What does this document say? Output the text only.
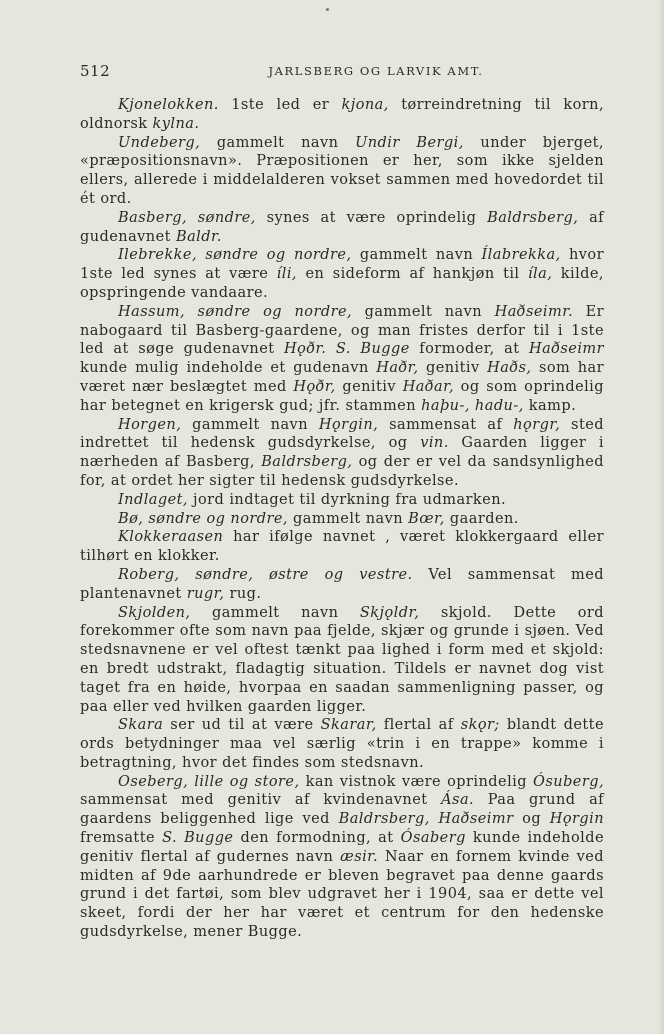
512	JARLSBERG OG LARVIK AMT.

Kjonelokken. 1ste led er kjona, tørreindretning til korn, oldnorsk kylna.

Undeberg, gammelt navn Undir Bergi, under bjerget, «præpositionsnavn». Præpositionen er her, som ikke sjelden ellers, allerede i middelalderen vokset sammen med hovedordet til ét ord.

Basberg, søndre, synes at være oprindelig Baldrsberg, af gudenavnet Baldr.

Ilebrekke, søndre og nordre, gammelt navn Ílabrekka, hvor 1ste led synes at være íli, en sideform af hankjøn til íla, kilde, opspringende vandaare.

Hassum, søndre og nordre, gammelt navn Haðseimr. Er nabogaard til Basberg-gaardene, og man fristes derfor til i 1ste led at søge gudenavnet Hǫðr. S. Bugge formoder, at Haðseimr kunde mulig indeholde et gudenavn Haðr, genitiv Haðs, som har været nær beslægtet med Hǫðr, genitiv Haðar, og som oprindelig har betegnet en krigersk gud; jfr. stammen haþu-, hadu-, kamp.

Horgen, gammelt navn Hǫrgin, sammensat af hǫrgr, sted indrettet til hedensk gudsdyrkelse, og vin. Gaarden ligger i nærheden af Basberg, Baldrsberg, og der er vel da sandsynlighed for, at ordet her sigter til hedensk gudsdyrkelse.

Indlaget, jord indtaget til dyrkning fra udmarken.

Bø, søndre og nordre, gammelt navn Bœr, gaarden.

Klokkeraasen har ifølge navnet , været klokkergaard eller tilhørt en klokker.

Roberg, søndre, østre og vestre. Vel sammensat med plantenavnet rugr, rug.

Skjolden, gammelt navn Skjǫldr, skjold. Dette ord forekommer ofte som navn paa fjelde, skjær og grunde i sjøen. Ved stedsnavnene er vel oftest tænkt paa lighed i form med et skjold: en bredt udstrakt, fladagtig situation. Tildels er navnet dog vist taget fra en høide, hvorpaa en saadan sammenligning passer, og paa eller ved hvilken gaarden ligger.

Skara ser ud til at være Skarar, flertal af skǫr; blandt dette ords betydninger maa vel særlig «trin i en trappe» komme i betragtning, hvor det findes som stedsnavn.

Oseberg, lille og store, kan vistnok være oprindelig Ósuberg, sammensat med genitiv af kvindenavnet Ása. Paa grund af gaardens beliggenhed lige ved Baldrsberg, Haðseimr og Hǫrgin fremsatte S. Bugge den formodning, at Ósaberg kunde indeholde genitiv flertal af gudernes navn æsir. Naar en fornem kvinde ved midten af 9de aarhundrede er bleven begravet paa denne gaards grund i det fartøi, som blev udgravet her i 1904, saa er dette vel skeet, fordi der her har været et centrum for den hedenske gudsdyrkelse, mener Bugge.
